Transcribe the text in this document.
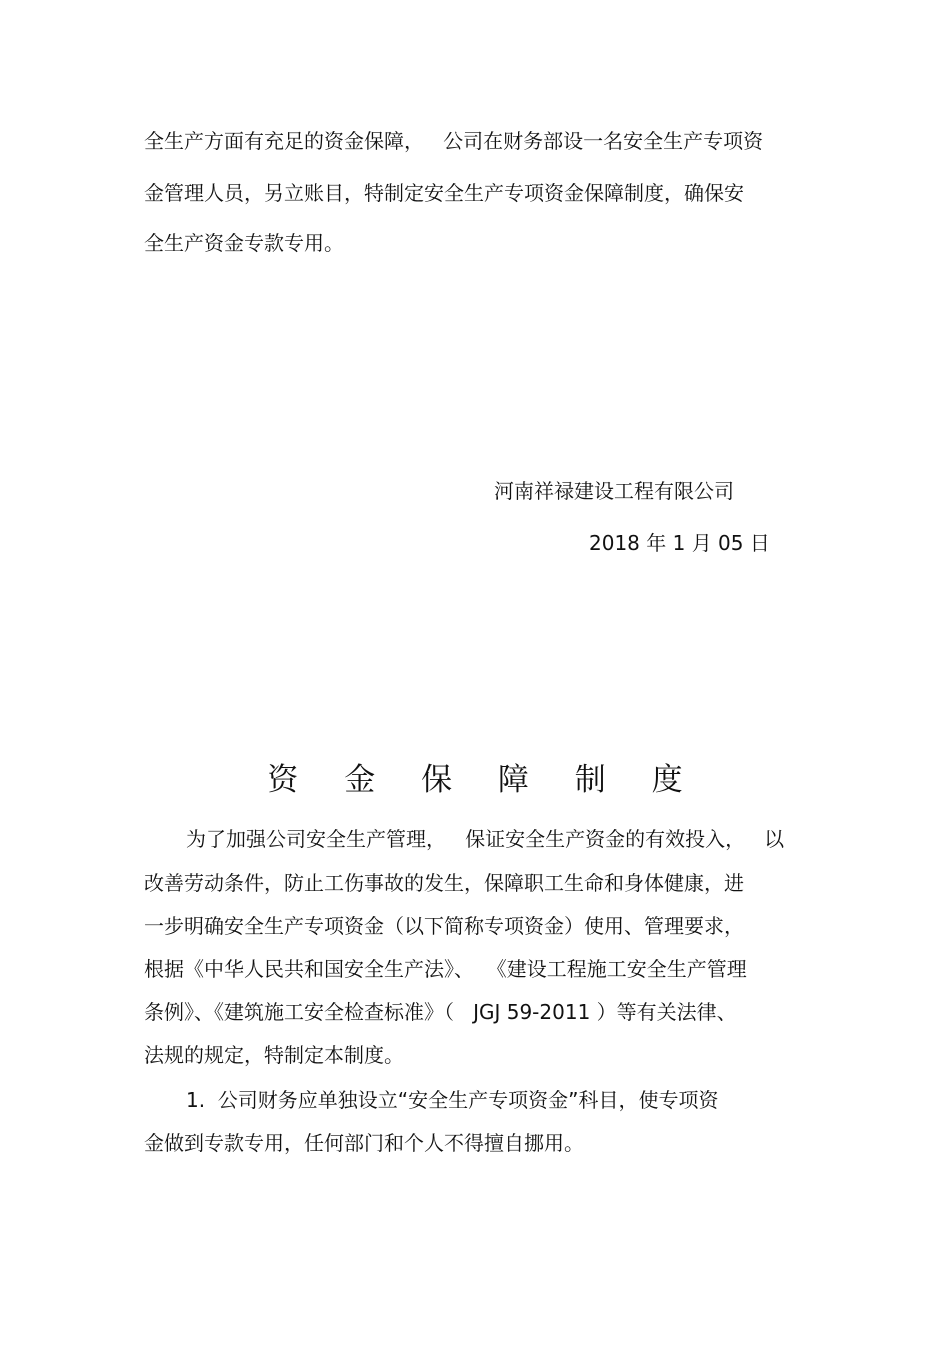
全生产方面有充足的资金保障，   公司在财务部设一名安全生产专项资
金管理人员，另立账目，特制定安全生产专项资金保障制度，确保安
全生产资金专款专用。
河南祥禄建设工程有限公司
2018 年 1 月 05 日
资 金 保 障 制 度
为了加强公司安全生产管理，   保证安全生产资金的有效投入，   以
改善劳动条件，防止工伤事故的发生，保障职工生命和身体健康，进
一步明确安全生产专项资金（以下简称专项资金）使用、管理要求，
根据《中华人民共和国安全生产法》、  《建设工程施工安全生产管理
条例》、《建筑施工安全检查标准》（   JGJ 59-2011 ）等有关法律、
法规的规定，特制定本制度。
1.  公司财务应单独设立“安全生产专项资金”科目，使专项资
金做到专款专用，任何部门和个人不得擅自挪用。
